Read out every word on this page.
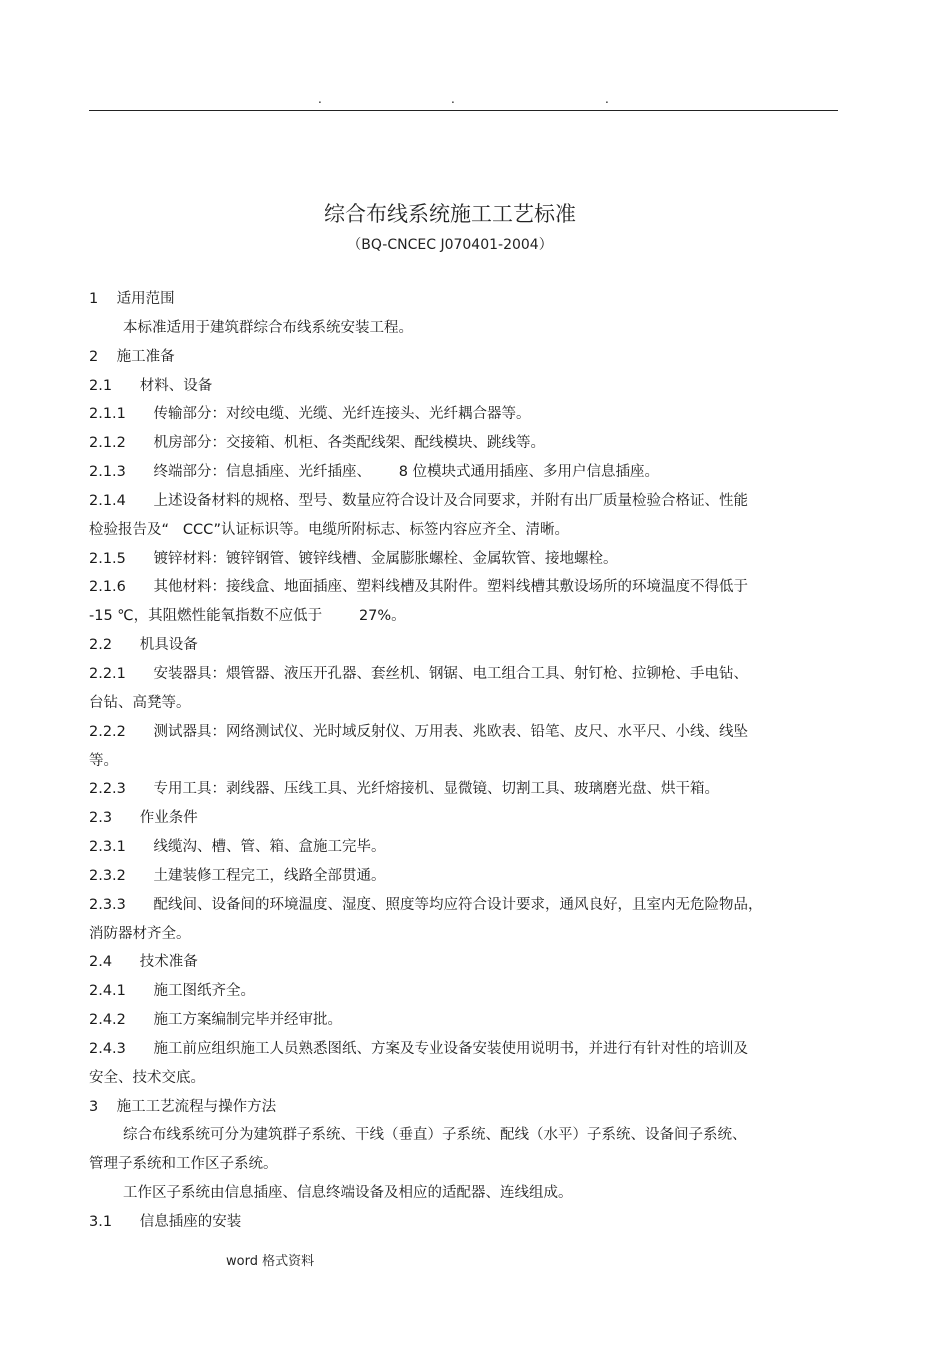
.	.	.
综合布线系统施工工艺标准
（BQ-CNCEC J070401-2004）
1    适用范围
本标准适用于建筑群综合布线系统安装工程。
2    施工准备
2.1      材料、设备
2.1.1      传输部分：对绞电缆、光缆、光纤连接头、光纤耦合器等。
2.1.2      机房部分：交接箱、机柜、各类配线架、配线模块、跳线等。
2.1.3      终端部分：信息插座、光纤插座、      8 位模块式通用插座、多用户信息插座。
2.1.4      上述设备材料的规格、型号、数量应符合设计及合同要求，并附有出厂质量检验合格证、性能
检验报告及“   CCC”认证标识等。电缆所附标志、标签内容应齐全、清晰。
2.1.5      镀锌材料：镀锌钢管、镀锌线槽、金属膨胀螺栓、金属软管、接地螺栓。
2.1.6      其他材料：接线盒、地面插座、塑料线槽及其附件。塑料线槽其敷设场所的环境温度不得低于
-15 ℃，其阻燃性能氧指数不应低于        27%。
2.2      机具设备
2.2.1      安装器具：煨管器、液压开孔器、套丝机、钢锯、电工组合工具、射钉枪、拉铆枪、手电钻、
台钻、高凳等。
2.2.2      测试器具：网络测试仪、光时域反射仪、万用表、兆欧表、铅笔、皮尺、水平尺、小线、线坠
等。
2.2.3      专用工具：剥线器、压线工具、光纤熔接机、显微镜、切割工具、玻璃磨光盘、烘干箱。
2.3      作业条件
2.3.1      线缆沟、槽、管、箱、盒施工完毕。
2.3.2      土建装修工程完工，线路全部贯通。
2.3.3      配线间、设备间的环境温度、湿度、照度等均应符合设计要求，通风良好，且室内无危险物品，
消防器材齐全。
2.4      技术准备
2.4.1      施工图纸齐全。
2.4.2      施工方案编制完毕并经审批。
2.4.3      施工前应组织施工人员熟悉图纸、方案及专业设备安装使用说明书，并进行有针对性的培训及
安全、技术交底。
3    施工工艺流程与操作方法
综合布线系统可分为建筑群子系统、干线（垂直）子系统、配线（水平）子系统、设备间子系统、
管理子系统和工作区子系统。
工作区子系统由信息插座、信息终端设备及相应的适配器、连线组成。
3.1      信息插座的安装
word 格式资料
